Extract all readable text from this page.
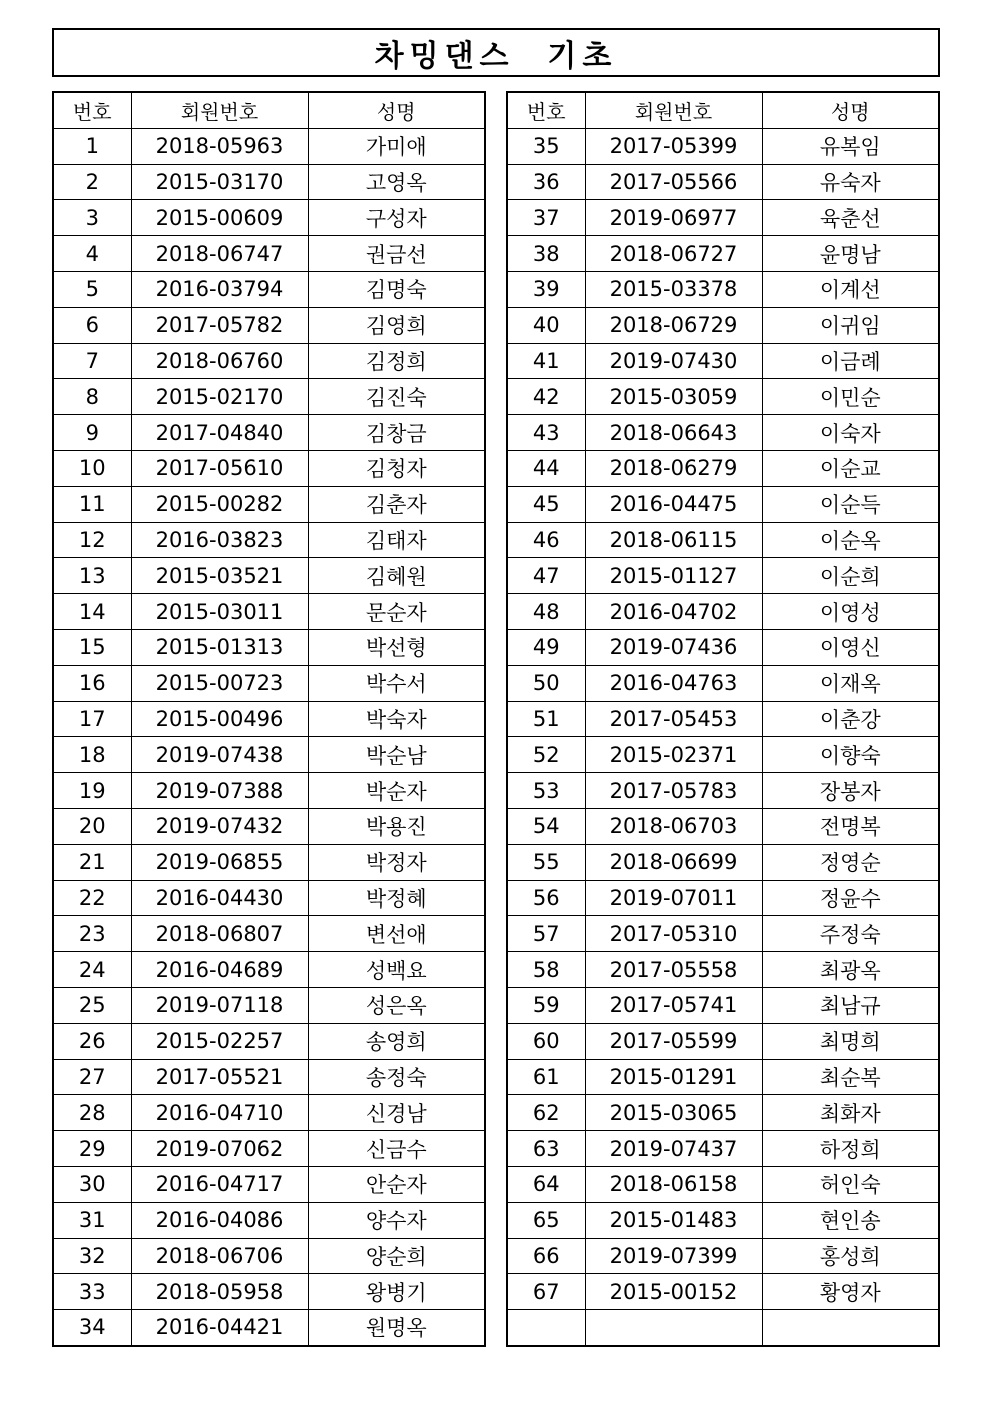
차밍댄스  기초
번호	회원번호	성명
1	2018-05963	가미애
2	2015-03170	고영옥
3	2015-00609	구성자
4	2018-06747	권금선
5	2016-03794	김명숙
6	2017-05782	김영희
7	2018-06760	김정희
8	2015-02170	김진숙
9	2017-04840	김창금
10	2017-05610	김청자
11	2015-00282	김춘자
12	2016-03823	김태자
13	2015-03521	김혜원
14	2015-03011	문순자
15	2015-01313	박선형
16	2015-00723	박수서
17	2015-00496	박숙자
18	2019-07438	박순남
19	2019-07388	박순자
20	2019-07432	박용진
21	2019-06855	박정자
22	2016-04430	박정혜
23	2018-06807	변선애
24	2016-04689	성백요
25	2019-07118	성은옥
26	2015-02257	송영희
27	2017-05521	송정숙
28	2016-04710	신경남
29	2019-07062	신금수
30	2016-04717	안순자
31	2016-04086	양수자
32	2018-06706	양순희
33	2018-05958	왕병기
34	2016-04421	원명옥
번호	회원번호	성명
35	2017-05399	유복임
36	2017-05566	유숙자
37	2019-06977	육춘선
38	2018-06727	윤명남
39	2015-03378	이계선
40	2018-06729	이귀임
41	2019-07430	이금례
42	2015-03059	이민순
43	2018-06643	이숙자
44	2018-06279	이순교
45	2016-04475	이순득
46	2018-06115	이순옥
47	2015-01127	이순희
48	2016-04702	이영성
49	2019-07436	이영신
50	2016-04763	이재옥
51	2017-05453	이춘강
52	2015-02371	이향숙
53	2017-05783	장봉자
54	2018-06703	전명복
55	2018-06699	정영순
56	2019-07011	정윤수
57	2017-05310	주정숙
58	2017-05558	최광옥
59	2017-05741	최남규
60	2017-05599	최명희
61	2015-01291	최순복
62	2015-03065	최화자
63	2019-07437	하정희
64	2018-06158	허인숙
65	2015-01483	현인송
66	2019-07399	홍성희
67	2015-00152	황영자
